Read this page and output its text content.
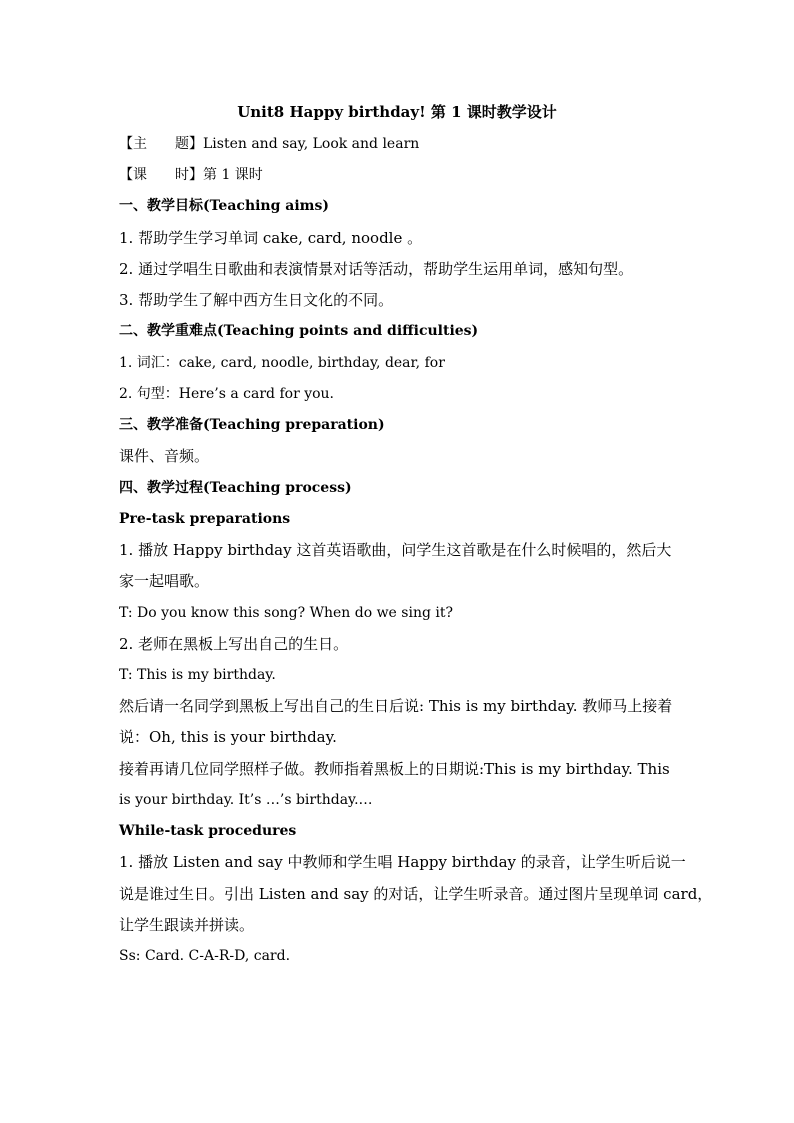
Unit8 Happy birthday! 第 1 课时教学设计
【主　　题】Listen and say, Look and learn
【课　　时】第 1 课时
一、教学目标(Teaching aims)
1. 帮助学生学习单词 cake, card, noodle 。
2. 通过学唱生日歌曲和表演情景对话等活动，帮助学生运用单词，感知句型。
3. 帮助学生了解中西方生日文化的不同。
二、教学重难点(Teaching points and difficulties)
1. 词汇：cake, card, noodle, birthday, dear, for
2. 句型：Here’s a card for you.
三、教学准备(Teaching preparation)
课件、音频。
四、教学过程(Teaching process)
Pre-task preparations
1. 播放 Happy birthday 这首英语歌曲，问学生这首歌是在什么时候唱的，然后大
家一起唱歌。
T: Do you know this song? When do we sing it?
2. 老师在黑板上写出自己的生日。
T: This is my birthday.
然后请一名同学到黑板上写出自己的生日后说: This is my birthday. 教师马上接着
说：Oh, this is your birthday.
接着再请几位同学照样子做。教师指着黑板上的日期说:This is my birthday. This
is your birthday. It’s …’s birthday.…
While-task procedures
1. 播放 Listen and say 中教师和学生唱 Happy birthday 的录音，让学生听后说一
说是谁过生日。引出 Listen and say 的对话，让学生听录音。通过图片呈现单词 card，
让学生跟读并拼读。
Ss: Card. C-A-R-D, card.
